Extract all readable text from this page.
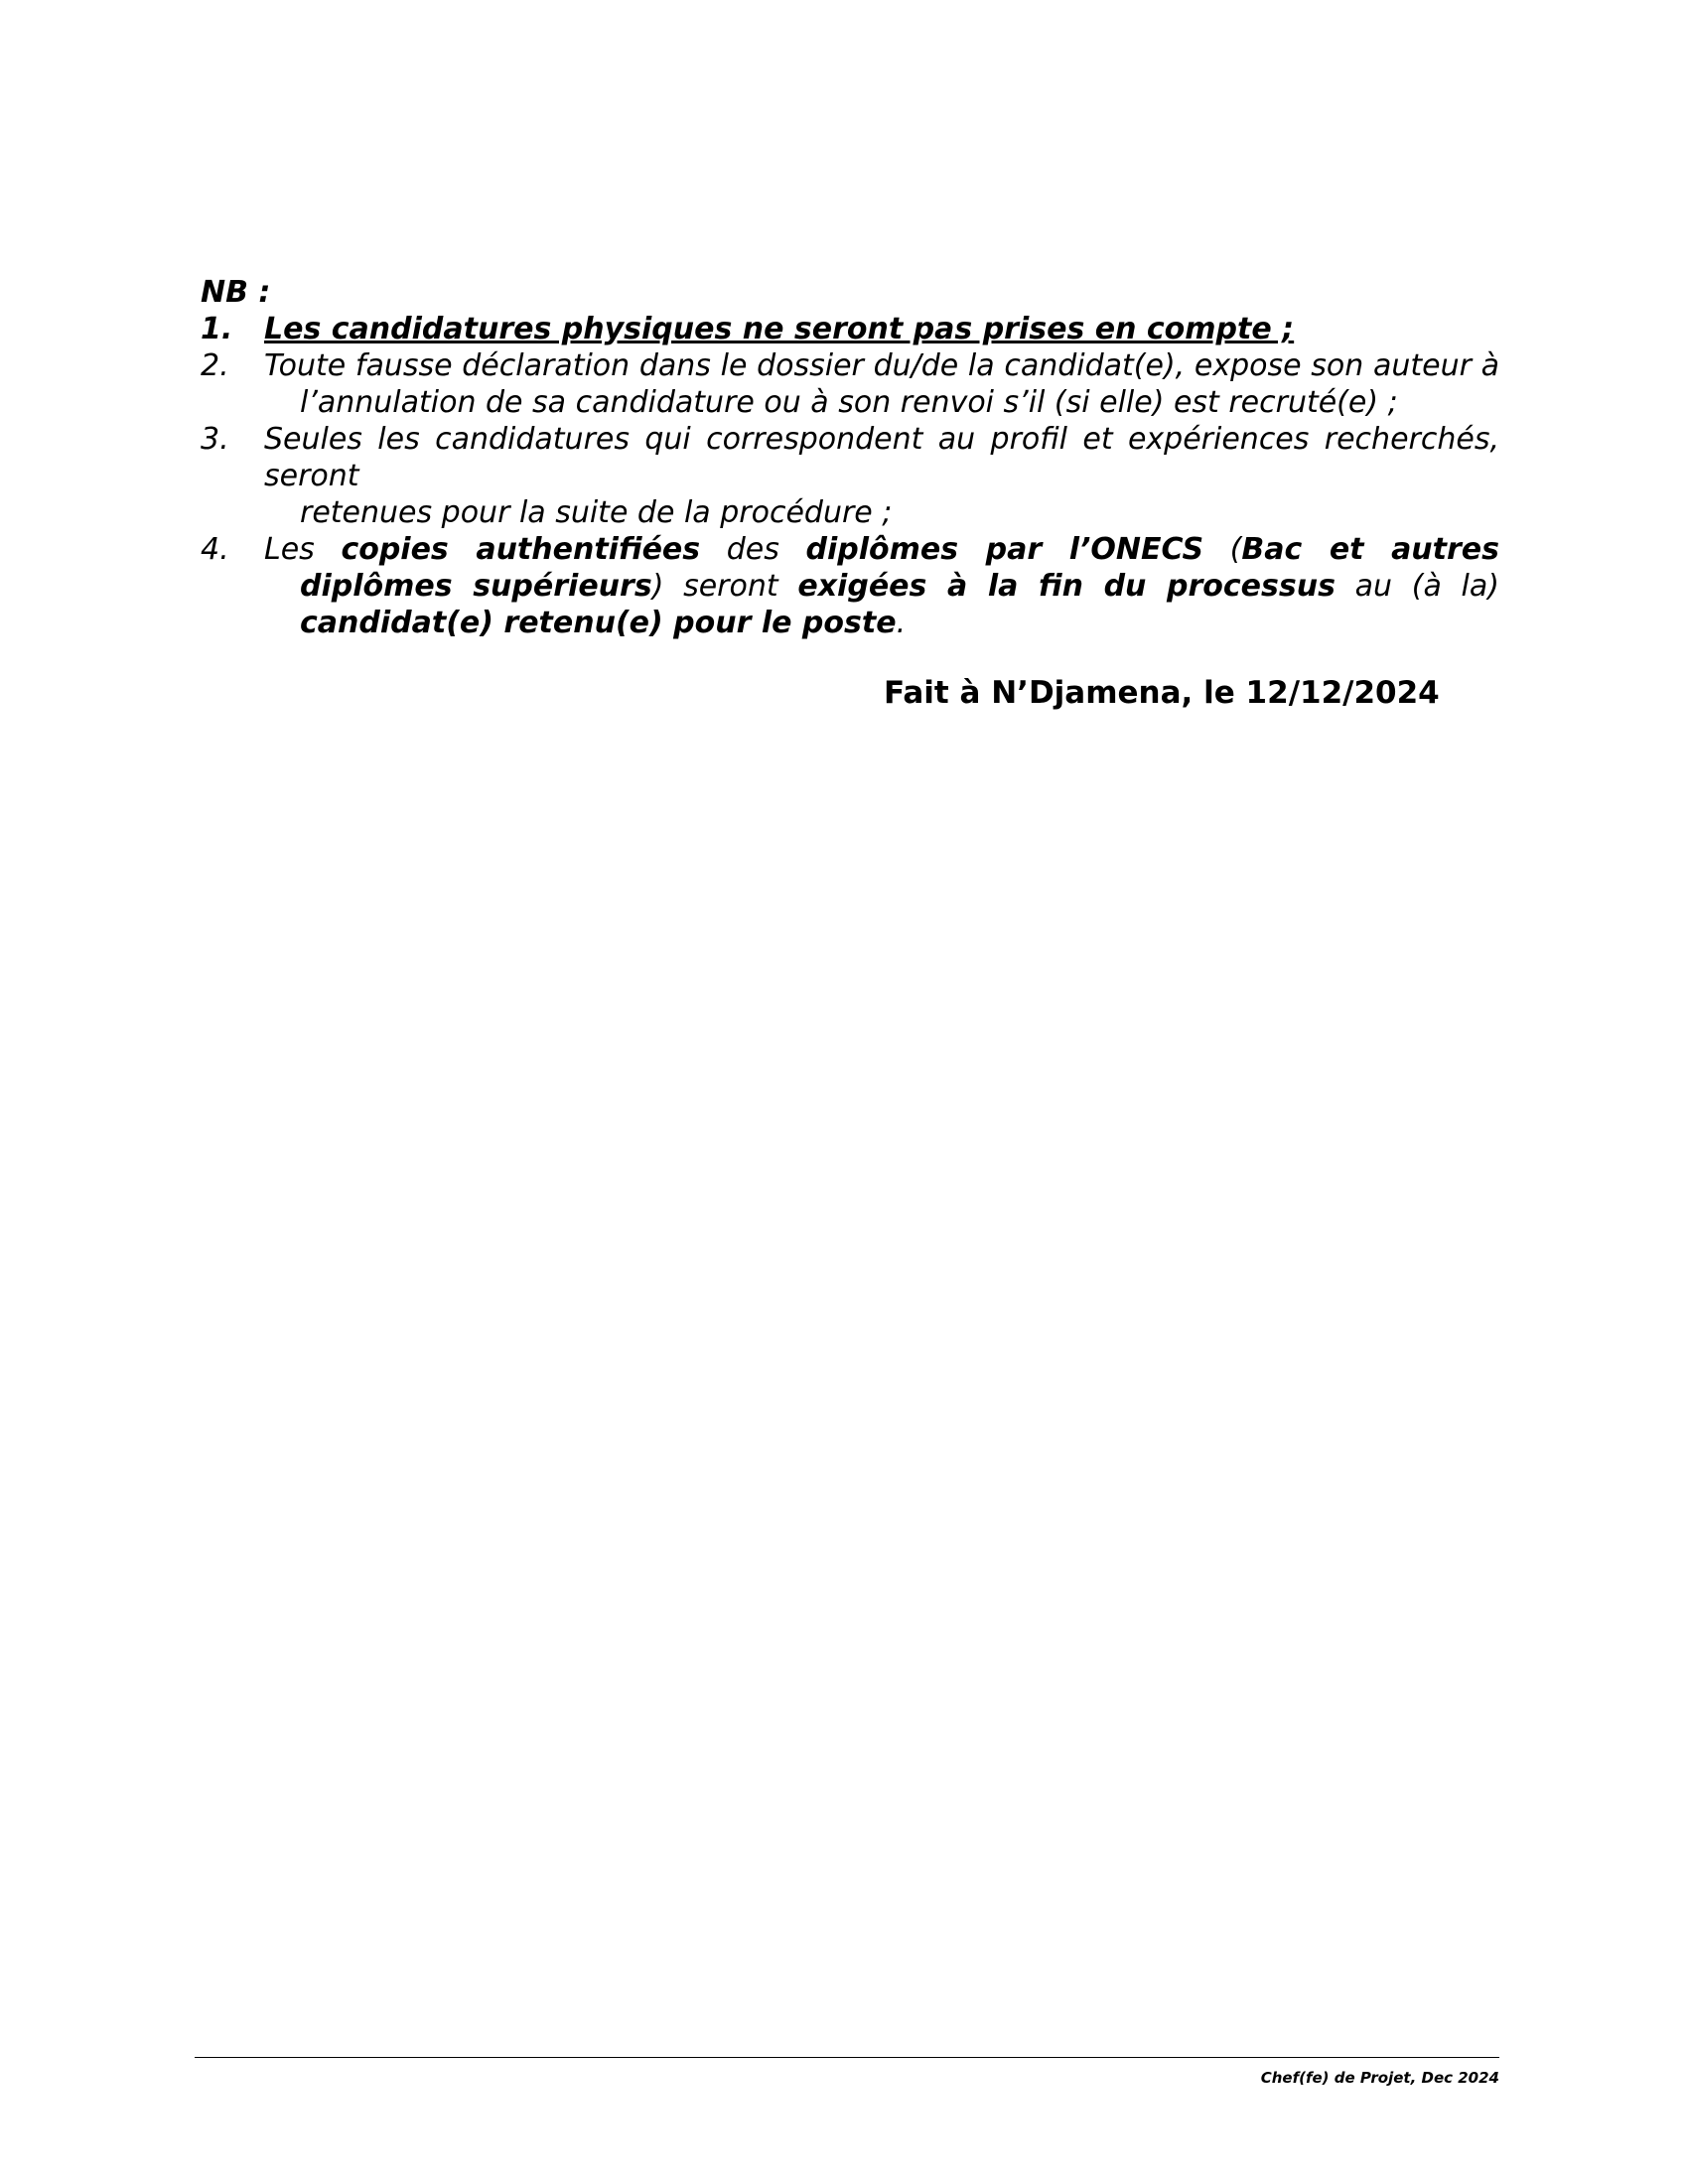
NB :

1.	Les candidatures physiques ne seront pas prises en compte ;
2.	Toute fausse déclaration dans le dossier du/de la candidat(e), expose son auteur à
l’annulation de sa candidature ou à son renvoi s’il (si elle) est recruté(e) ;
3.	Seules les candidatures qui correspondent au profil et expériences recherchés, seront
retenues pour la suite de la procédure ;
4.	Les copies authentifiées des diplômes par l’ONECS (Bac et autres diplômes supérieurs) seront exigées à la fin du processus au (à la) candidat(e) retenu(e) pour le poste.

Fait à N’Djamena, le 12/12/2024

Chef(fe) de Projet, Dec 2024
